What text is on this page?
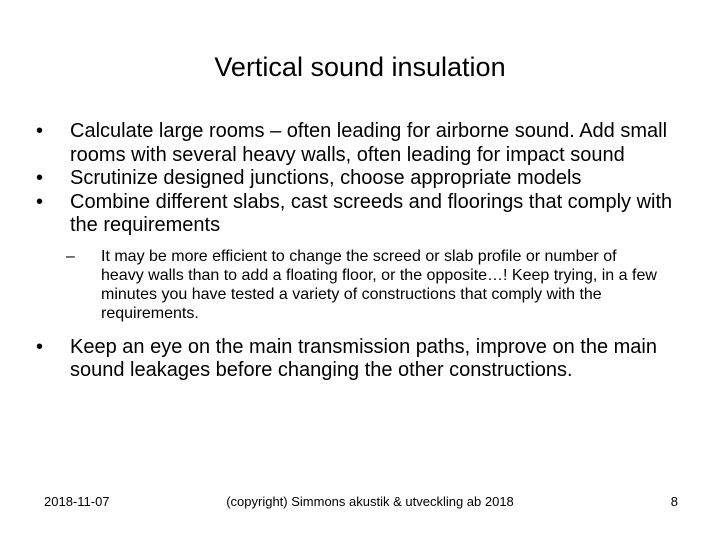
Vertical sound insulation
•	Calculate large rooms – often leading for airborne sound. Add small rooms with several heavy walls, often leading for impact sound
•	Scrutinize designed junctions, choose appropriate models
•	Combine different slabs, cast screeds and floorings that comply with the requirements
– It may be more efficient to change the screed or slab profile or number of heavy walls than to add a floating floor, or the opposite…! Keep trying, in a few minutes you have tested a variety of constructions that comply with the requirements.
•	Keep an eye on the main transmission paths, improve on the main sound leakages before changing the other constructions.
2018-11-07	(copyright) Simmons akustik & utveckling ab 2018	8
